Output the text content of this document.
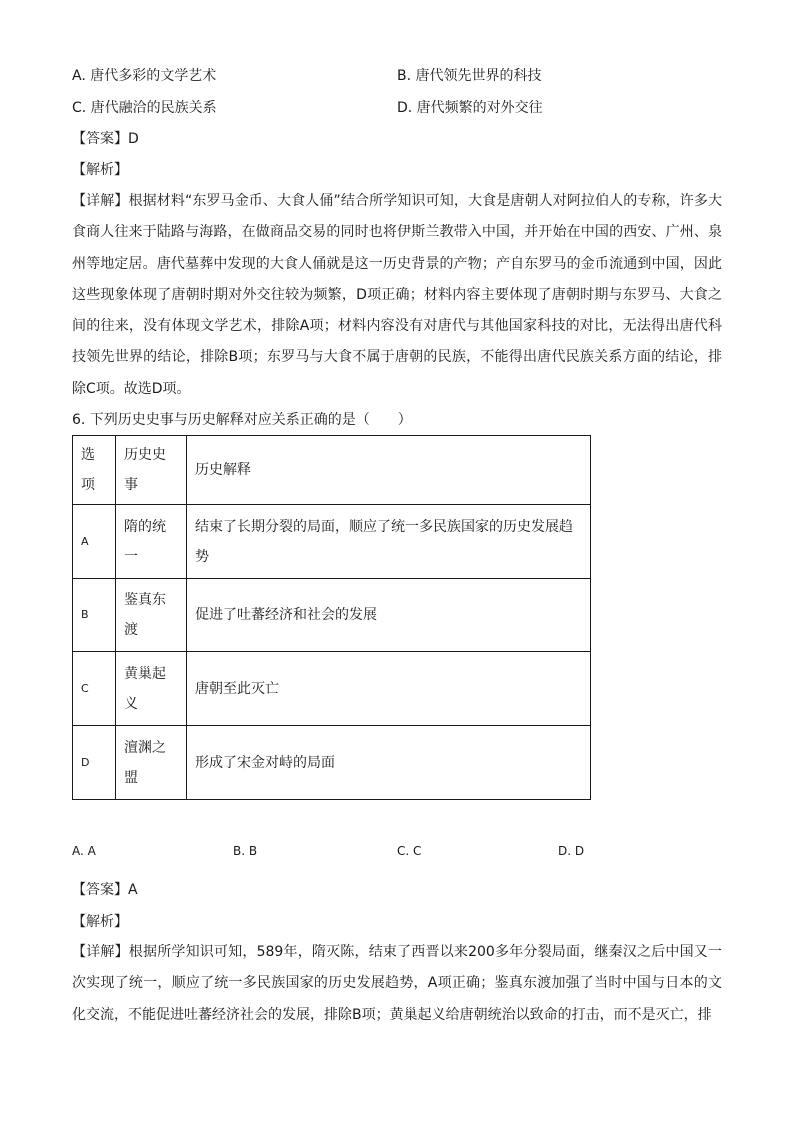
A. 唐代多彩的文学艺术	B. 唐代领先世界的科技
C. 唐代融洽的民族关系	D. 唐代频繁的对外交往
【答案】D
【解析】
【详解】根据材料“东罗马金币、大食人俑”结合所学知识可知，大食是唐朝人对阿拉伯人的专称，许多大食商人往来于陆路与海路，在做商品交易的同时也将伊斯兰教带入中国，并开始在中国的西安、广州、泉州等地定居。唐代墓葬中发现的大食人俑就是这一历史背景的产物；产自东罗马的金币流通到中国，因此这些现象体现了唐朝时期对外交往较为频繁，D项正确；材料内容主要体现了唐朝时期与东罗马、大食之间的往来，没有体现文学艺术，排除A项；材料内容没有对唐代与其他国家科技的对比，无法得出唐代科技领先世界的结论，排除B项；东罗马与大食不属于唐朝的民族，不能得出唐代民族关系方面的结论，排除C项。故选D项。
6. 下列历史史事与历史解释对应关系正确的是（　　）
选项	历史史事	历史解释
A	隋的统一	结束了长期分裂的局面，顺应了统一多民族国家的历史发展趋势
B	鉴真东渡	促进了吐蕃经济和社会的发展
C	黄巢起义	唐朝至此灭亡
D	澶渊之盟	形成了宋金对峙的局面
A. A	B. B	C. C	D. D
【答案】A
【解析】
【详解】根据所学知识可知，589年，隋灭陈，结束了西晋以来200多年分裂局面，继秦汉之后中国又一次实现了统一，顺应了统一多民族国家的历史发展趋势，A项正确；鉴真东渡加强了当时中国与日本的文化交流，不能促进吐蕃经济社会的发展，排除B项；黄巢起义给唐朝统治以致命的打击，而不是灭亡，排
